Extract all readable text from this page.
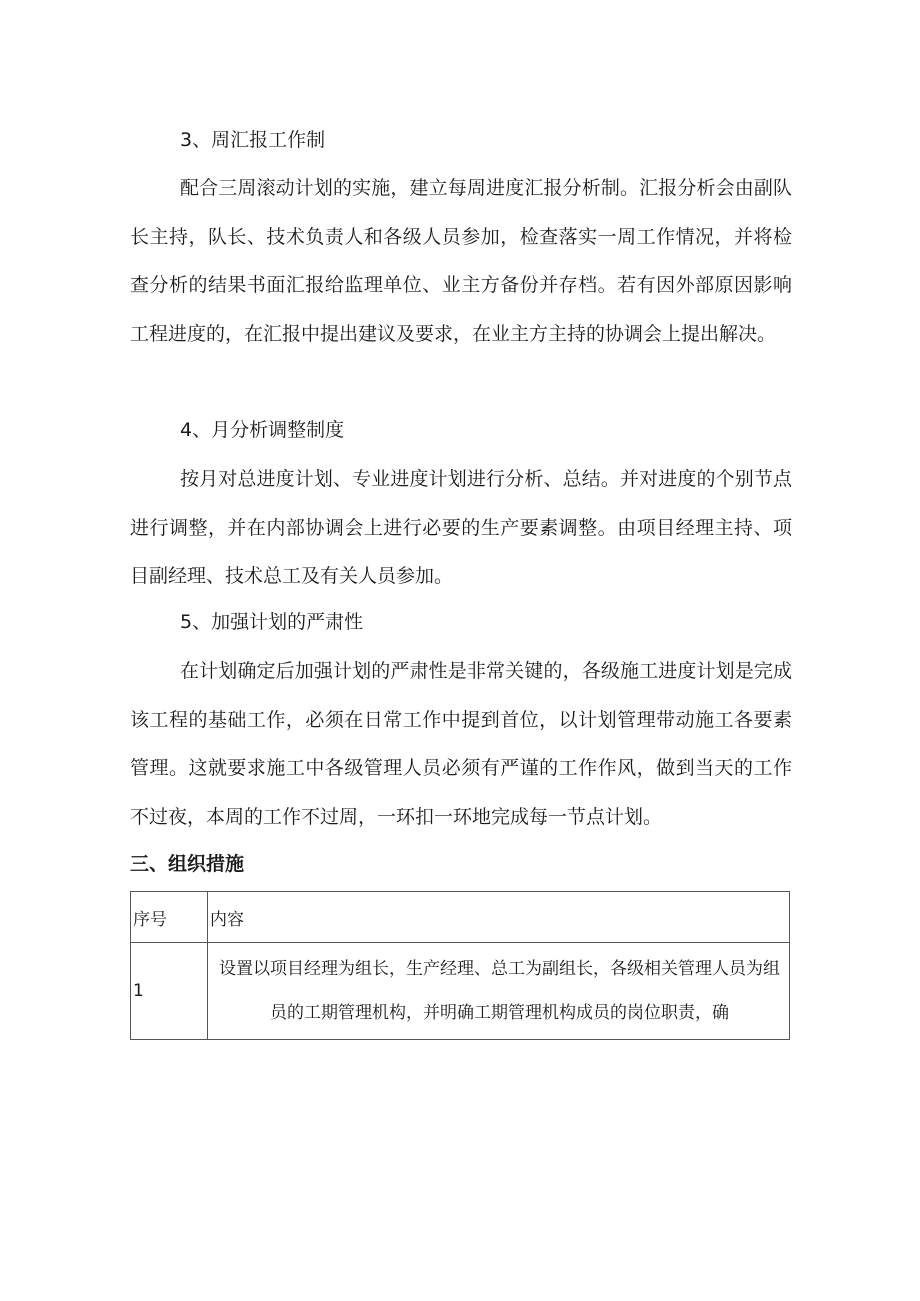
3、周汇报工作制
配合三周滚动计划的实施，建立每周进度汇报分析制。汇报分析会由副队长主持，队长、技术负责人和各级人员参加，检查落实一周工作情况，并将检查分析的结果书面汇报给监理单位、业主方备份并存档。若有因外部原因影响工程进度的，在汇报中提出建议及要求，在业主方主持的协调会上提出解决。
4、月分析调整制度
按月对总进度计划、专业进度计划进行分析、总结。并对进度的个别节点进行调整，并在内部协调会上进行必要的生产要素调整。由项目经理主持、项目副经理、技术总工及有关人员参加。
5、加强计划的严肃性
在计划确定后加强计划的严肃性是非常关键的，各级施工进度计划是完成该工程的基础工作，必须在日常工作中提到首位，以计划管理带动施工各要素管理。这就要求施工中各级管理人员必须有严谨的工作作风，做到当天的工作不过夜，本周的工作不过周，一环扣一环地完成每一节点计划。
三、组织措施
序号	内容
1	设置以项目经理为组长，生产经理、总工为副组长，各级相关管理人员为组员的工期管理机构，并明确工期管理机构成员的岗位职责，确
